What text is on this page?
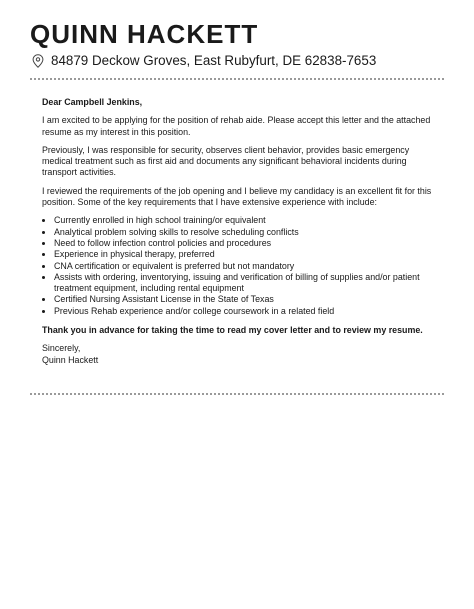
QUINN HACKETT
84879 Deckow Groves, East Rubyfurt, DE 62838-7653

Dear Campbell Jenkins,

I am excited to be applying for the position of rehab aide. Please accept this letter and the attached resume as my interest in this position.

Previously, I was responsible for security, observes client behavior, provides basic emergency medical treatment such as first aid and documents any significant behavioral incidents during transport activities.

I reviewed the requirements of the job opening and I believe my candidacy is an excellent fit for this position. Some of the key requirements that I have extensive experience with include:

• Currently enrolled in high school training/or equivalent
• Analytical problem solving skills to resolve scheduling conflicts
• Need to follow infection control policies and procedures
• Experience in physical therapy, preferred
• CNA certification or equivalent is preferred but not mandatory
• Assists with ordering, inventorying, issuing and verification of billing of supplies and/or patient treatment equipment, including rental equipment
• Certified Nursing Assistant License in the State of Texas
• Previous Rehab experience and/or college coursework in a related field

Thank you in advance for taking the time to read my cover letter and to review my resume.

Sincerely,

Quinn Hackett
